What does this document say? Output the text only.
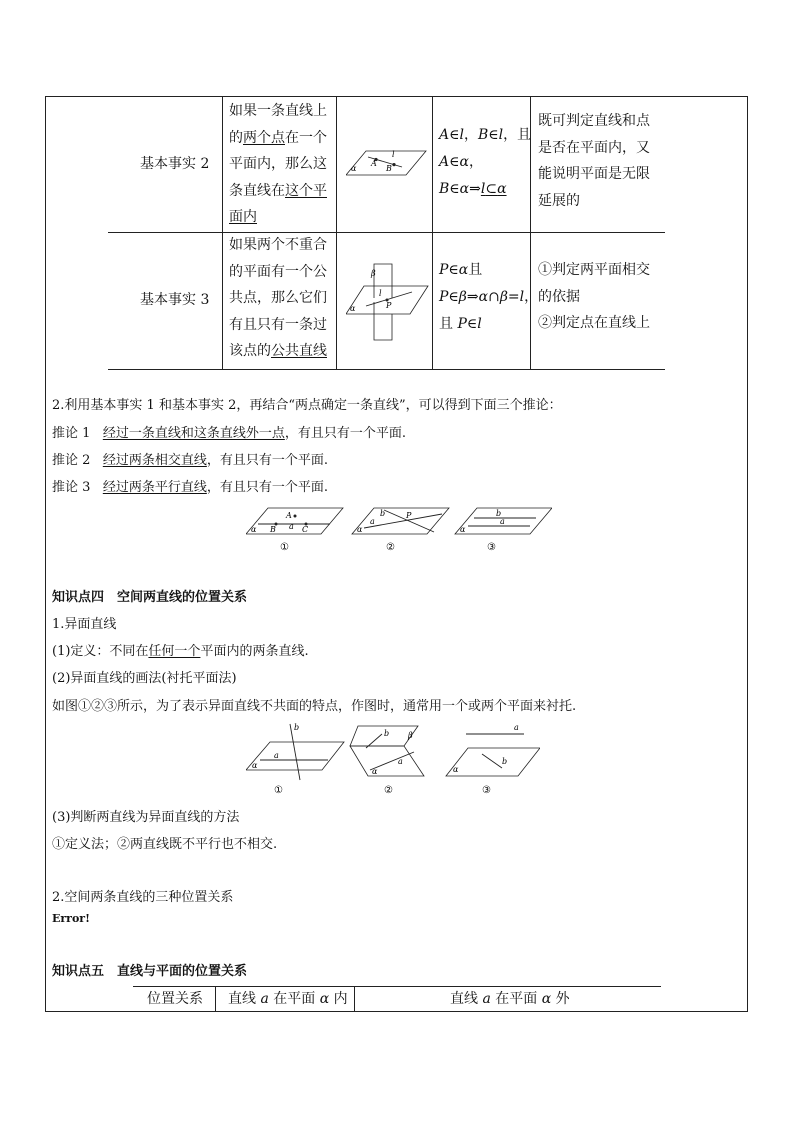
基本事实 2
如果一条直线上
的两个点在一个
平面内，那么这
条直线在这个平
面内
α
A
B
l
A∈l，B∈l，且
A∈α，
B∈α⇒l⊂α
既可判定直线和点
是否在平面内，又
能说明平面是无限
延展的
基本事实 3
如果两个不重合
的平面有一个公
共点，那么它们
有且只有一条过
该点的公共直线
β
α
l
P
P∈α且
P∈β⇒α∩β=l，
且 P∈l
①判定两平面相交
的依据
②判定点在直线上
2.利用基本事实 1 和基本事实 2，再结合“两点确定一条直线”，可以得到下面三个推论：
推论 1 经过一条直线和这条直线外一点，有且只有一个平面.
推论 2 经过两条相交直线，有且只有一个平面.
推论 3 经过两条平行直线，有且只有一个平面.
A
B a C
α
①
b	P
a
α
②
b
a
α
③
知识点四　空间两直线的位置关系
1.异面直线
(1)定义：不同在任何一个平面内的两条直线.
(2)异面直线的画法(衬托平面法)
如图①②③所示，为了表示异面直线不共面的特点，作图时，通常用一个或两个平面来衬托.
b
a
α
①
b β
a
α
②
a
b
α
③
(3)判断两直线为异面直线的方法
①定义法；②两直线既不平行也不相交.
2.空间两条直线的三种位置关系
Error!
知识点五　直线与平面的位置关系
位置关系 直线 a 在平面 α 内	直线 a 在平面 α 外
